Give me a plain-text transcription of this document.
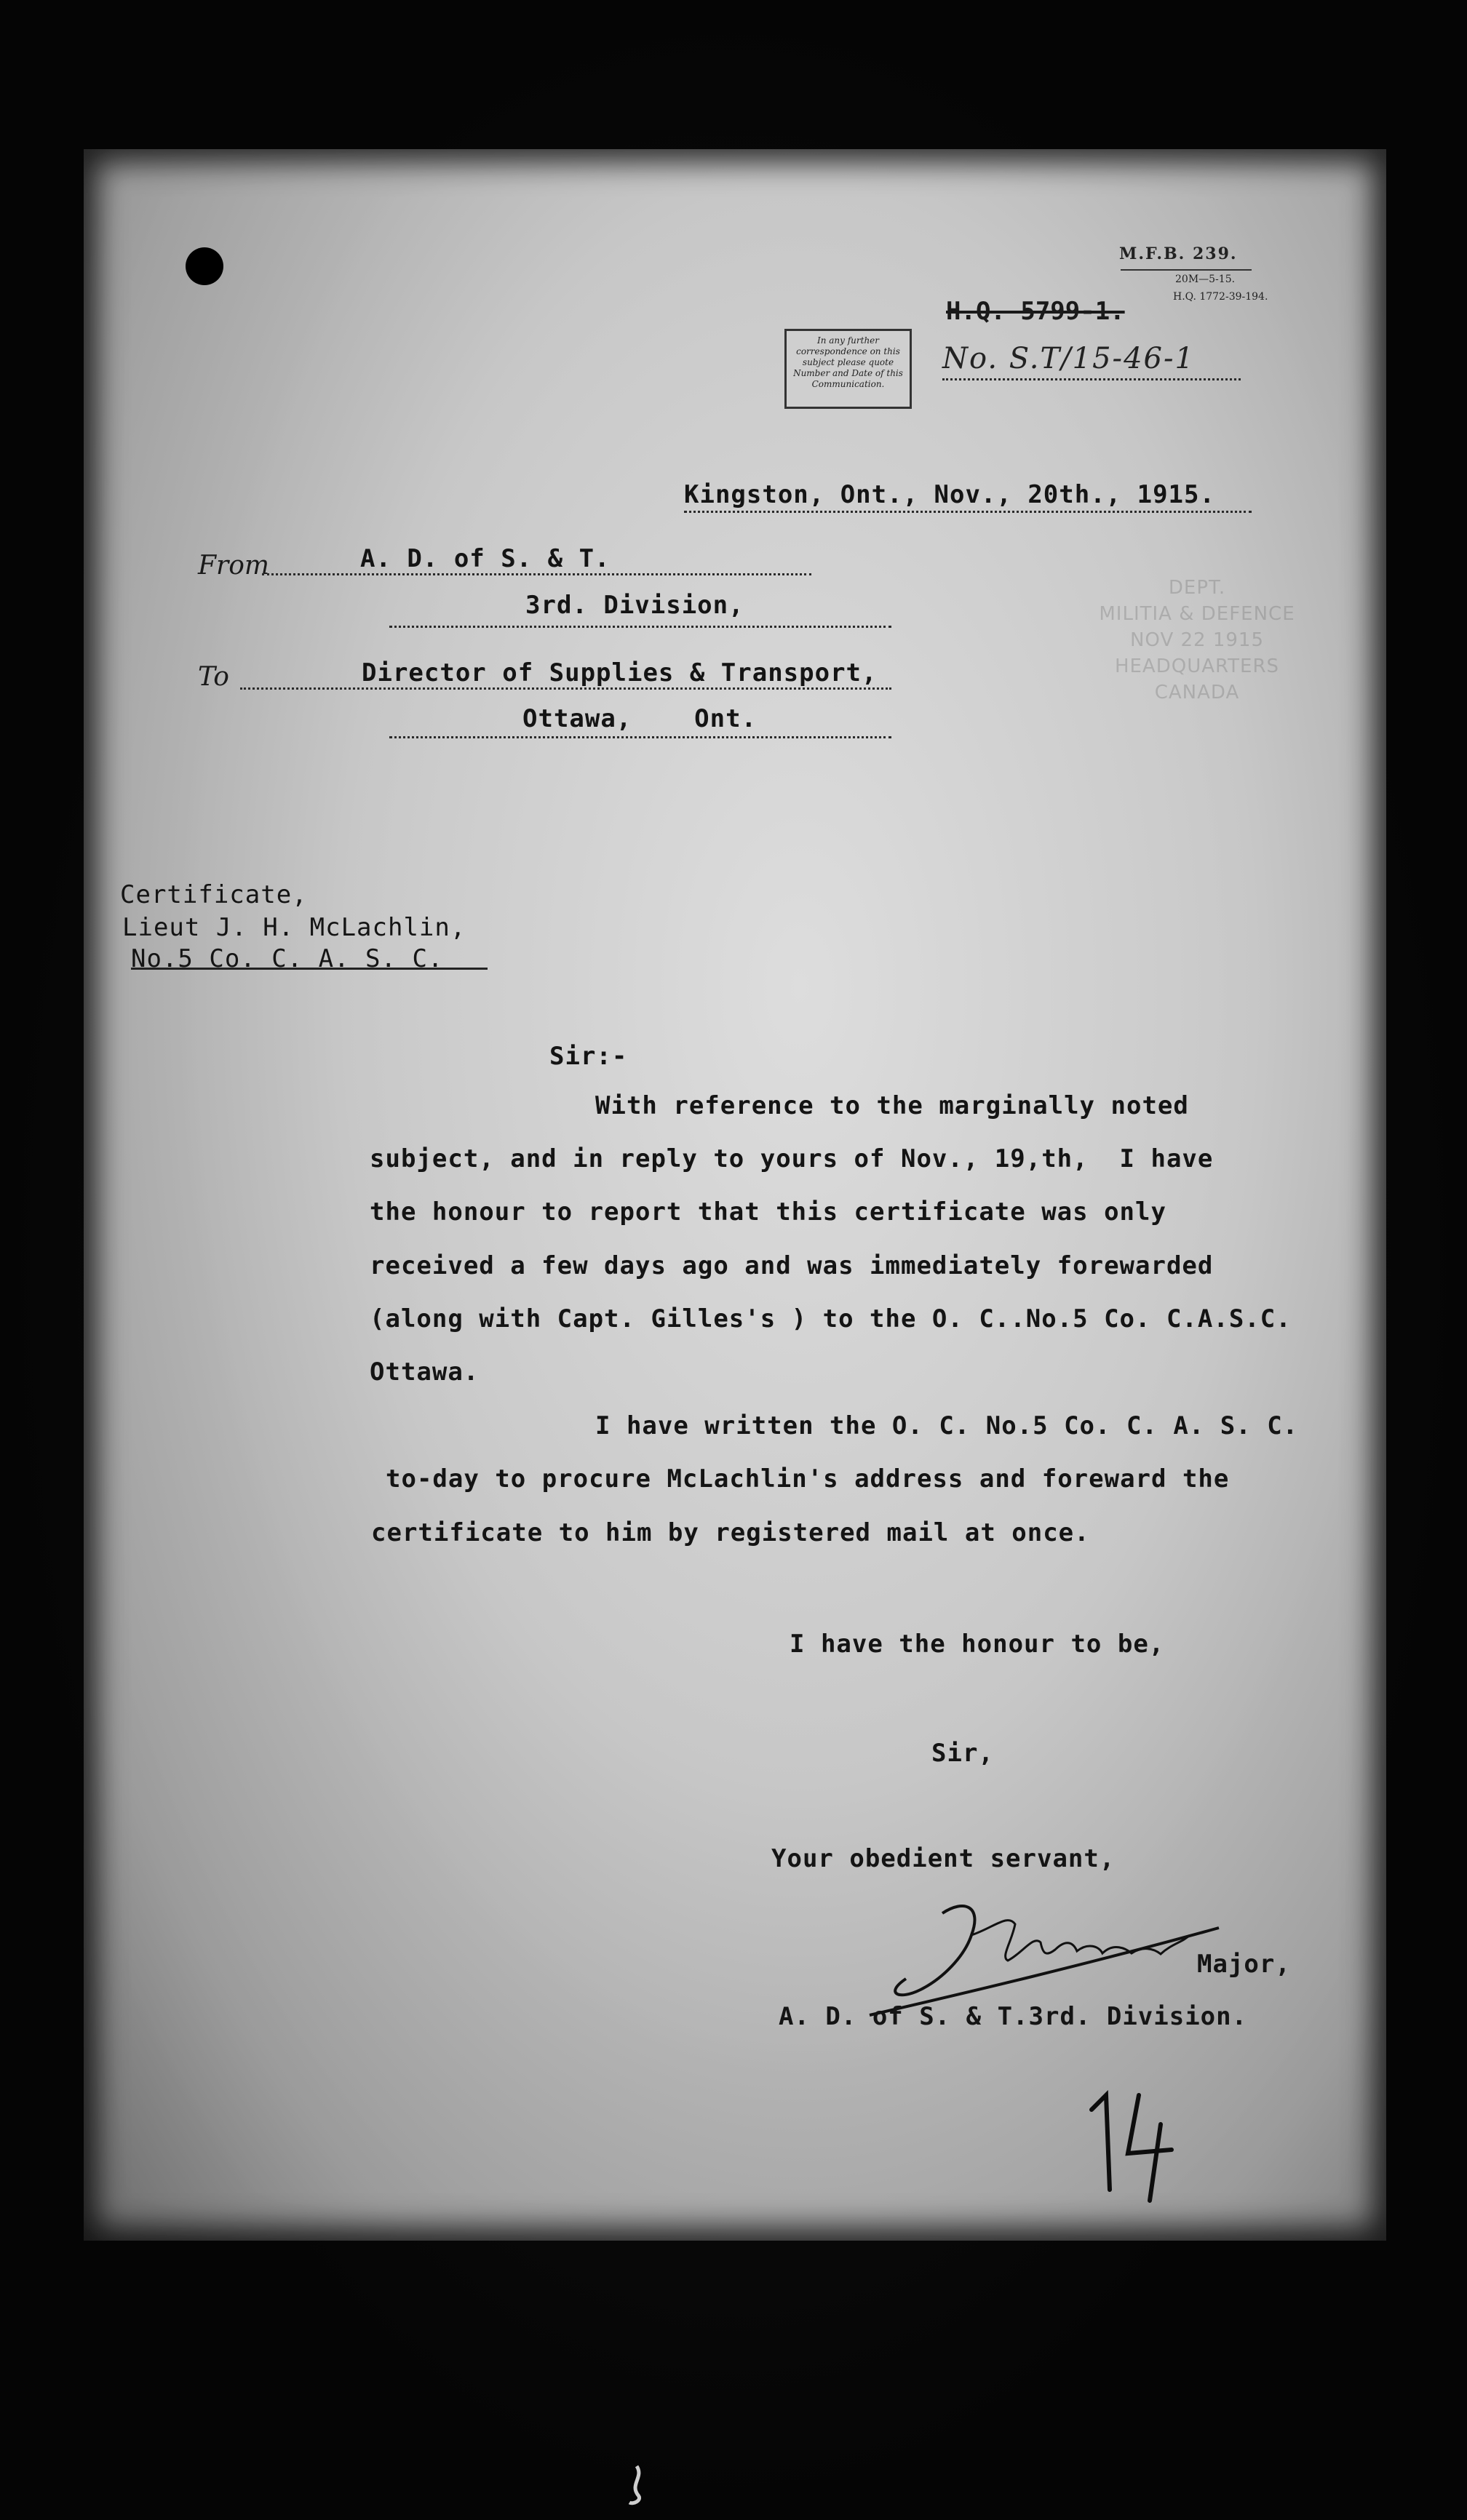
M.F.B. 239.
20M—5-15.
H.Q. 1772-39-194.
In any further correspondence on this subject please quote Number and Date of this Communication.
H.Q. 5799-1.
No. S.T/15-46-1
Kingston, Ont., Nov., 20th., 1915.
From	A. D. of S. & T.
3rd. Division,
To	Director of Supplies & Transport,
Ottawa,    Ont.
DEPT.
MILITIA & DEFENCE
NOV 22 1915
HEADQUARTERS
CANADA
Certificate,
Lieut J. H. McLachlin,
No.5 Co. C. A. S. C.
Sir:-
With reference to the marginally noted
subject, and in reply to yours of Nov., 19,th,  I have
the honour to report that this certificate was only
received a few days ago and was immediately forewarded
(along with Capt. Gilles's ) to the O. C..No.5 Co. C.A.S.C.
Ottawa.
I have written the O. C. No.5 Co. C. A. S. C.
to-day to procure McLachlin's address and foreward the
certificate to him by registered mail at once.
I have the honour to be,
Sir,
Your obedient servant,
Major,
A. D. of S. & T.3rd. Division.
